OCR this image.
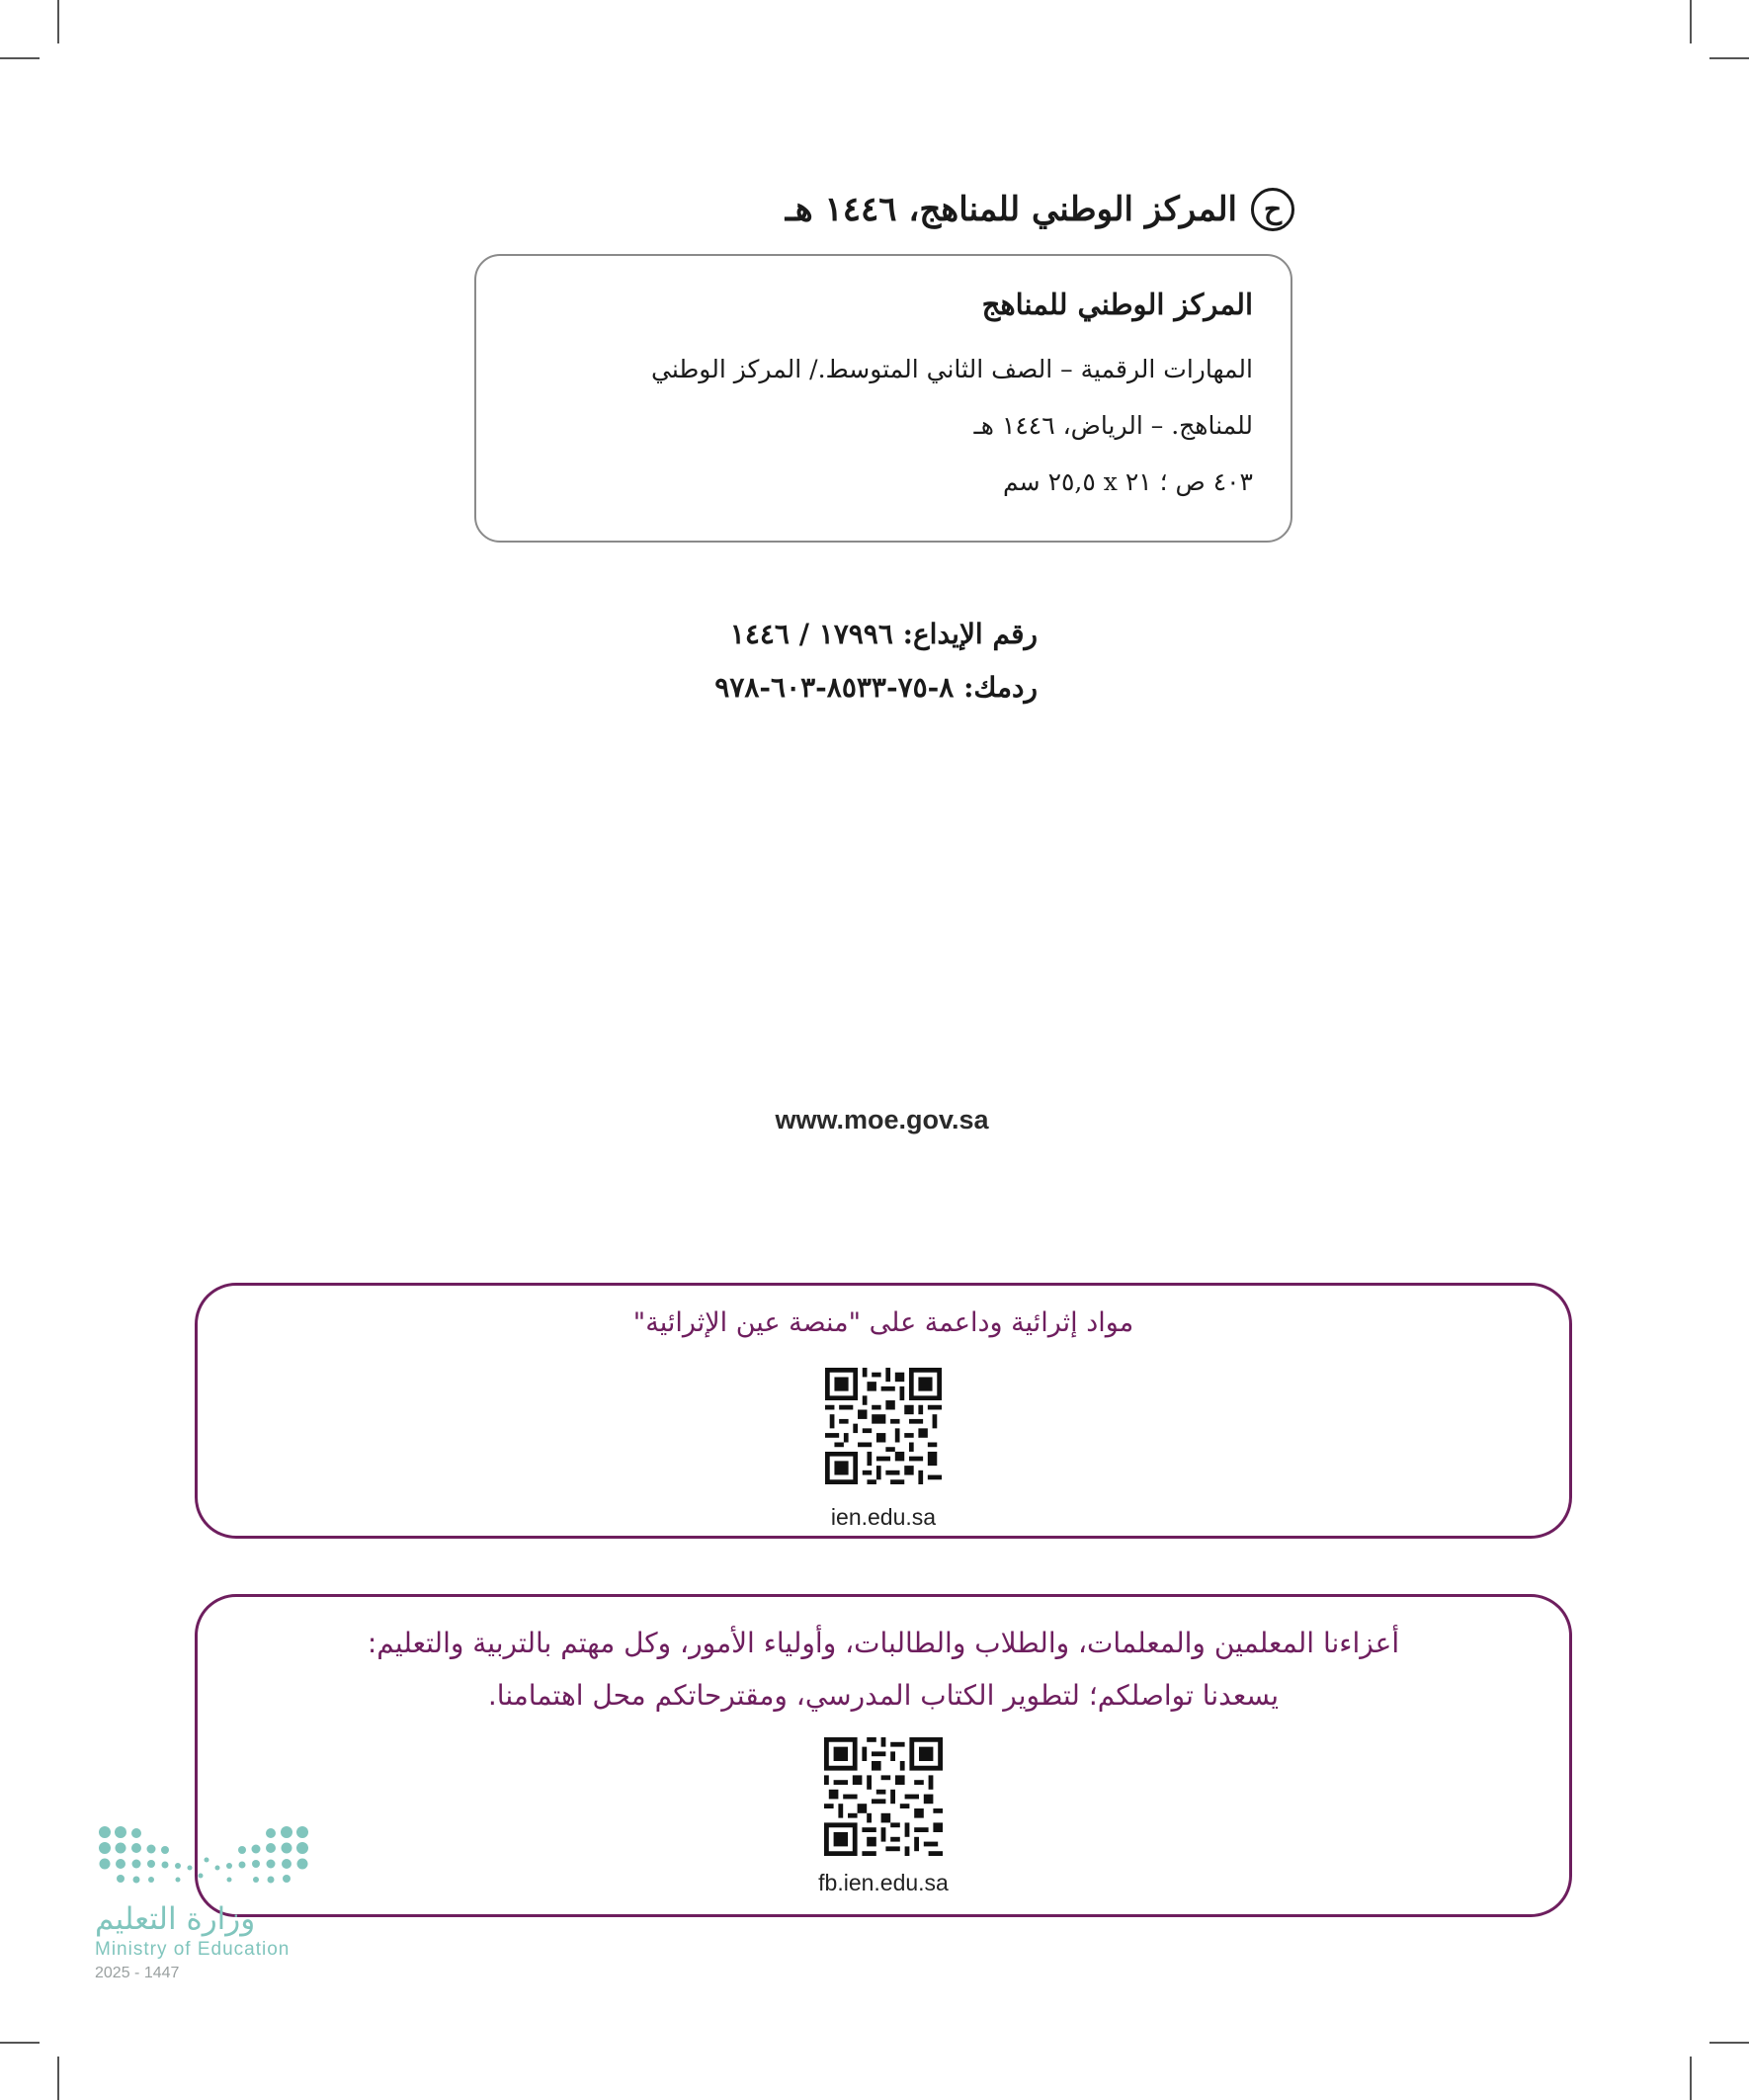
ح
المركز الوطني للمناهج، ١٤٤٦ هـ
المركز الوطني للمناهج
المهارات الرقمية – الصف الثاني المتوسط./ المركز الوطني
للمناهج. – الرياض، ١٤٤٦ هـ
٤٠٣ ص ؛ ٢١ x ٢٥,٥ سم
رقم الإيداع: ١٧٩٩٦ / ١٤٤٦
ردمك: ٨-٧٥-٨٥٣٣-٦٠٣-٩٧٨
www.moe.gov.sa
مواد إثرائية وداعمة على "منصة عين الإثرائية"
ien.edu.sa
أعزاءنا المعلمين والمعلمات، والطلاب والطالبات، وأولياء الأمور، وكل مهتم بالتربية والتعليم:
يسعدنا تواصلكم؛ لتطوير الكتاب المدرسي، ومقترحاتكم محل اهتمامنا.
fb.ien.edu.sa
وزارة التعليم
Ministry of Education
2025 - 1447
